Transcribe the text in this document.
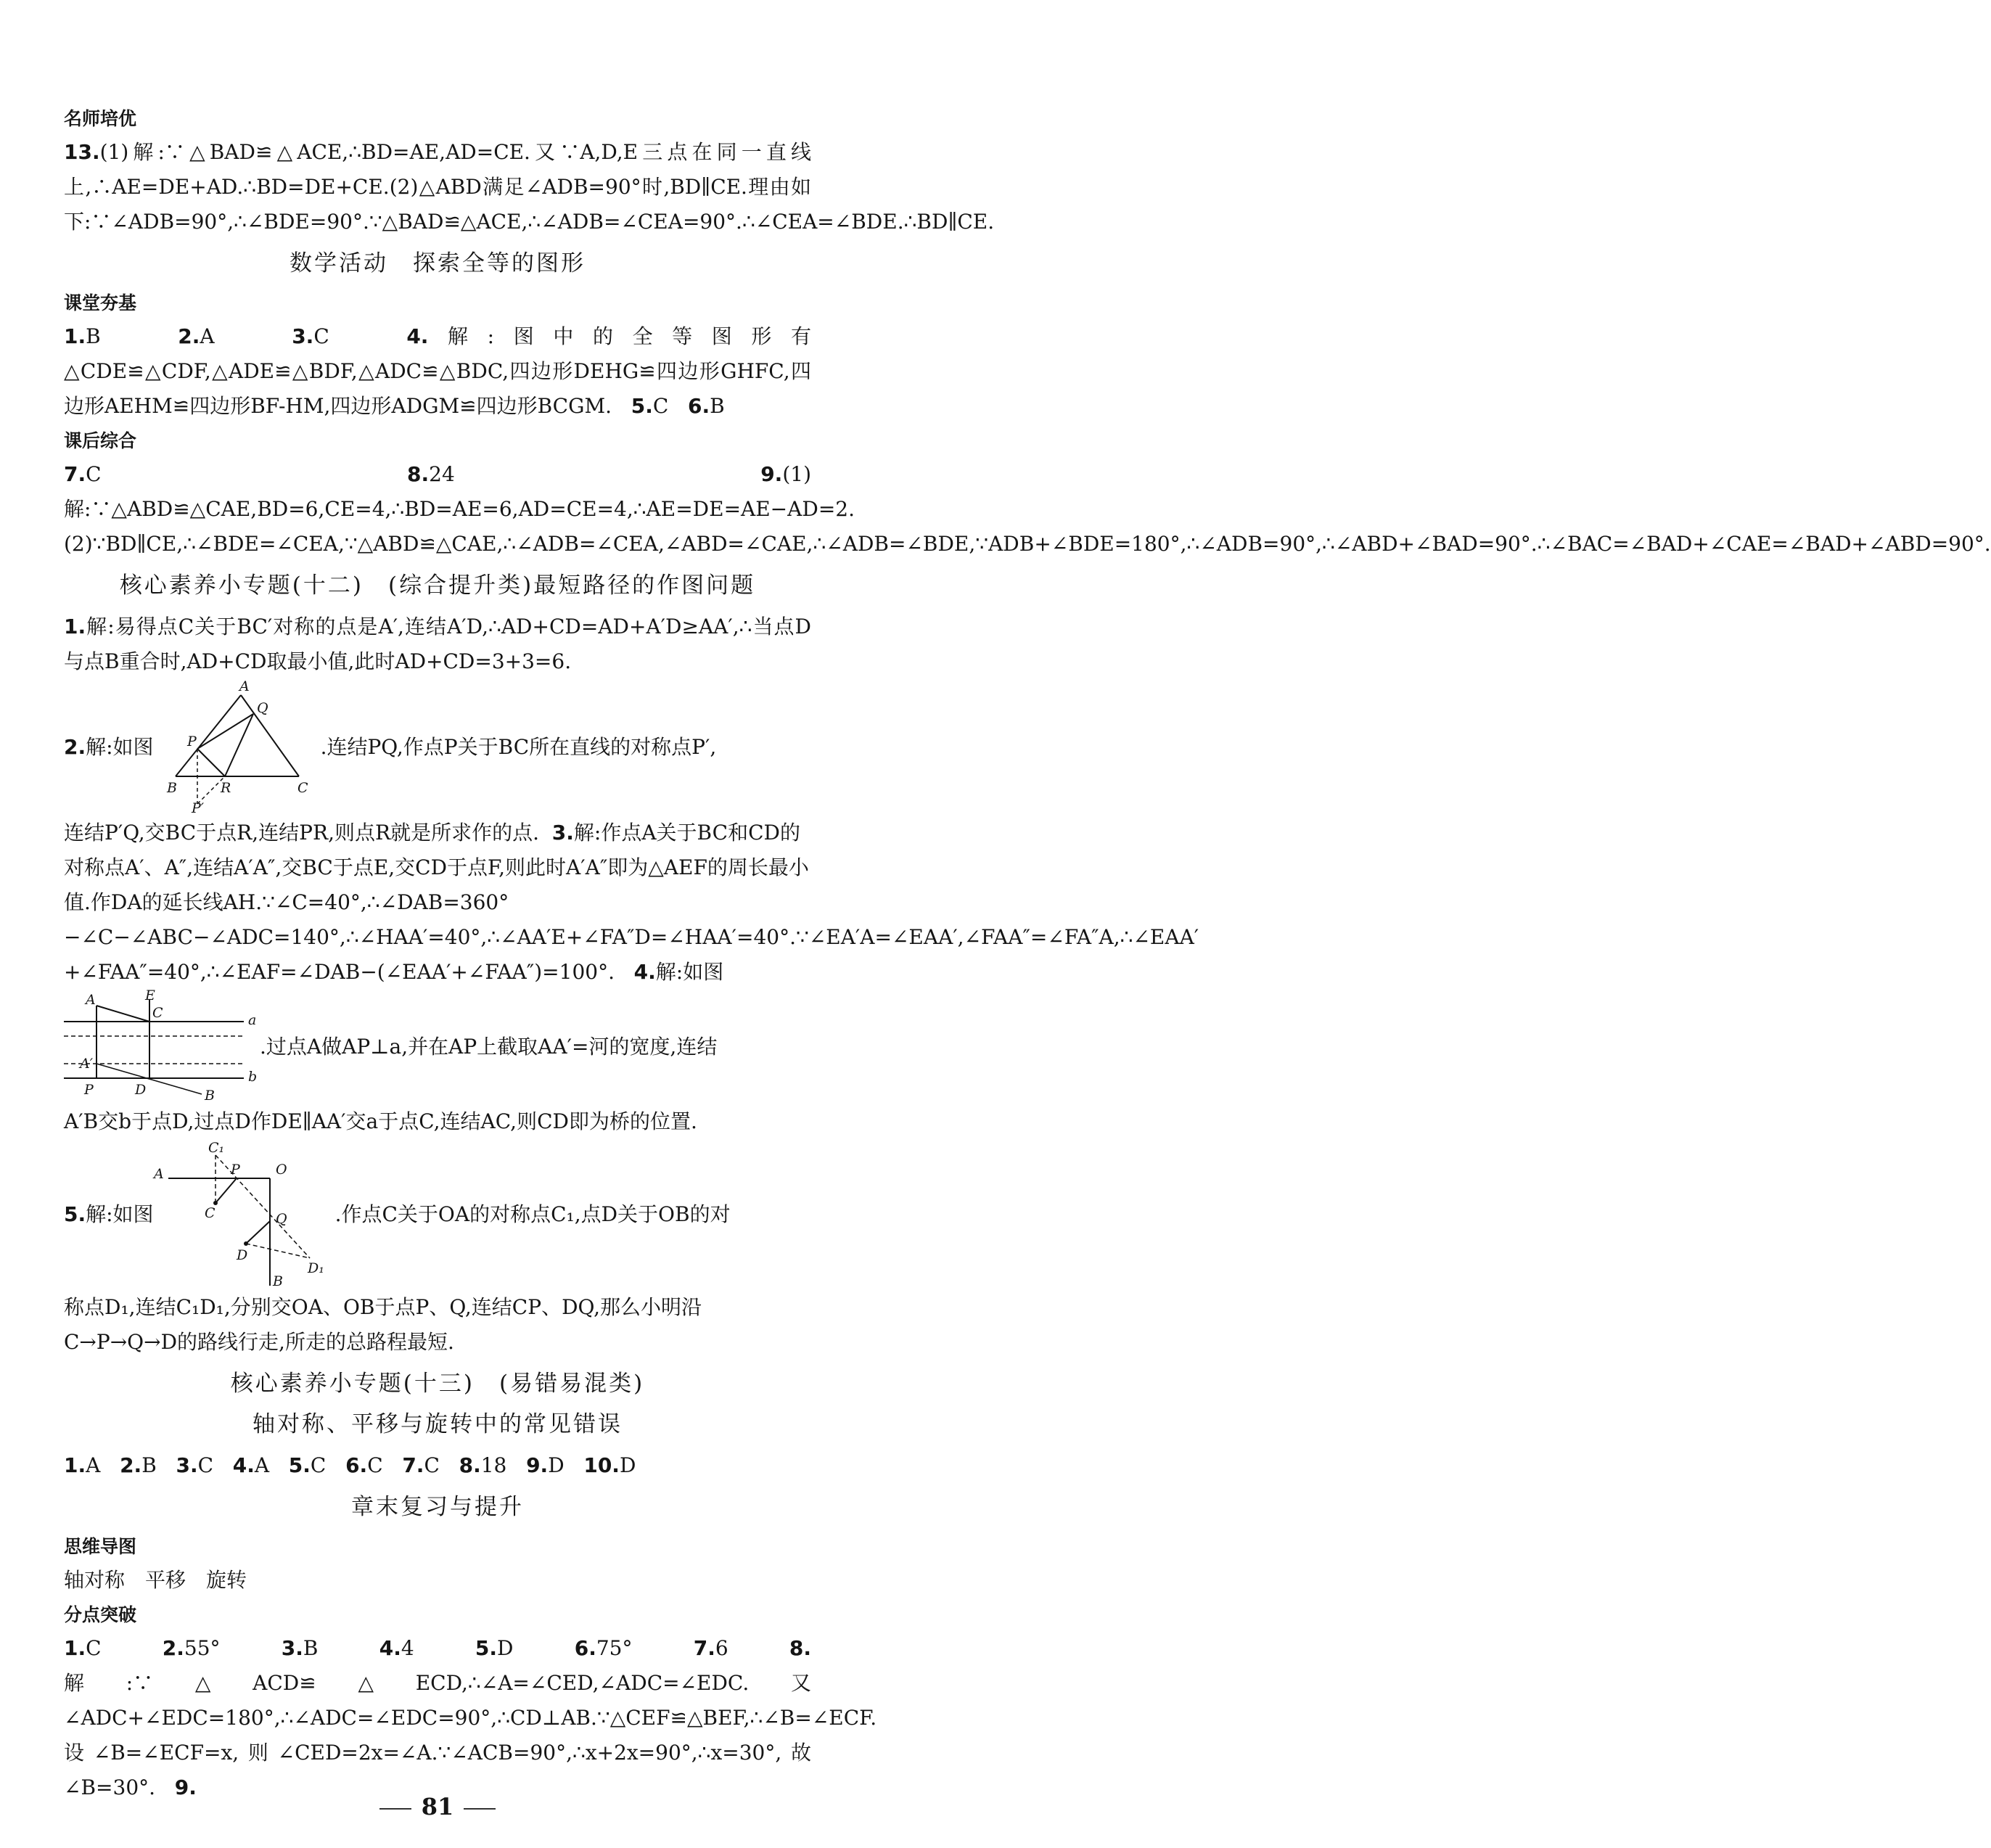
名师培优

13.(1)解:∵△BAD≌△ACE,∴BD=AE,AD=CE.又∵A,D,E三点在同一直线上,∴AE=DE+AD.∴BD=DE+CE.(2)△ABD满足∠ADB=90°时,BD∥CE.理由如下:∵∠ADB=90°,∴∠BDE=90°.∵△BAD≌△ACE,∴∠ADB=∠CEA=90°.∴∠CEA=∠BDE.∴BD∥CE.

数学活动　探索全等的图形
课堂夯基

1.B	2.A	3.C	4.解:图中的全等图形有△CDE≌△CDF,△ADE≌△BDF,△ADC≌△BDC,四边形DEHG≌四边形GHFC,四边形AEHM≌四边形BF-HM,四边形ADGM≌四边形BCGM. 5.C 6.B

课后综合

7.C	8.24	9.(1)解:∵△ABD≌△CAE,BD=6,CE=4,∴BD=AE=6,AD=CE=4,∴AE=DE=AE−AD=2.(2)∵BD∥CE,∴∠BDE=∠CEA,∵△ABD≌△CAE,∴∠ADB=∠CEA,∠ABD=∠CAE,∴∠ADB=∠BDE,∵ADB+∠BDE=180°,∴∠ADB=90°,∴∠ABD+∠BAD=90°.∴∠BAC=∠BAD+∠CAE=∠BAD+∠ABD=90°.

核心素养小专题(十二)　(综合提升类)最短路径的作图问题

1.解:易得点C关于BC′对称的点是A′,连结A′D,∴AD+CD=AD+A′D≥AA′,∴当点D与点B重合时,AD+CD取最小值,此时AD+CD=3+3=6.

2.解:如图
A
Q
P
B	R	C
P′
.连结PQ,作点P关于BC所在直线的对称点P′,

连结P′Q,交BC于点R,连结PR,则点R就是所求作的点. 3.解:作点A关于BC和CD的对称点A′、A″,连结A′A″,交BC于点E,交CD于点F,则此时A′A″即为△AEF的周长最小值.作DA的延长线AH.∵∠C=40°,∴∠DAB=360°−∠C−∠ABC−∠ADC=140°,∴∠HAA′=40°,∴∠AA′E+∠FA″D=∠HAA′=40°.∵∠EA′A=∠EAA′,∠FAA″=∠FA″A,∴∠EAA′+∠FAA″=40°,∴∠EAF=∠DAB−(∠EAA′+∠FAA″)=100°. 4.解:如图

A	E
C	a
A′
P	D
b
B
.过点A做AP⊥a,并在AP上截取AA′=河的宽度,连结

A′B交b于点D,过点D作DE∥AA′交a于点C,连结AC,则CD即为桥的位置.

5.解:如图
C₁
A	P	O
C	Q
D
D₁
B
.作点C关于OA的对称点C₁,点D关于OB的对

称点D₁,连结C₁D₁,分别交OA、OB于点P、Q,连结CP、DQ,那么小明沿C→P→Q→D的路线行走,所走的总路程最短.

核心素养小专题(十三)　(易错易混类)
轴对称、平移与旋转中的常见错误

1.A 2.B 3.C 4.A 5.C 6.C 7.C 8.18 9.D 10.D

章末复习与提升
思维导图

轴对称　平移　旋转

分点突破

1.C	2.55°	3.B	4.4	5.D	6.75°	7.6	8.解:∵△ACD≌△ECD,∴∠A=∠CED,∠ADC=∠EDC.又∠ADC+∠EDC=180°,∴∠ADC=∠EDC=90°,∴CD⊥AB.∵△CEF≌△BEF,∴∠B=∠ECF.设∠B=∠ECF=x,则∠CED=2x=∠A.∵∠ACB=90°,∴x+2x=90°,∴x=30°,故∠B=30°. 9.

81
